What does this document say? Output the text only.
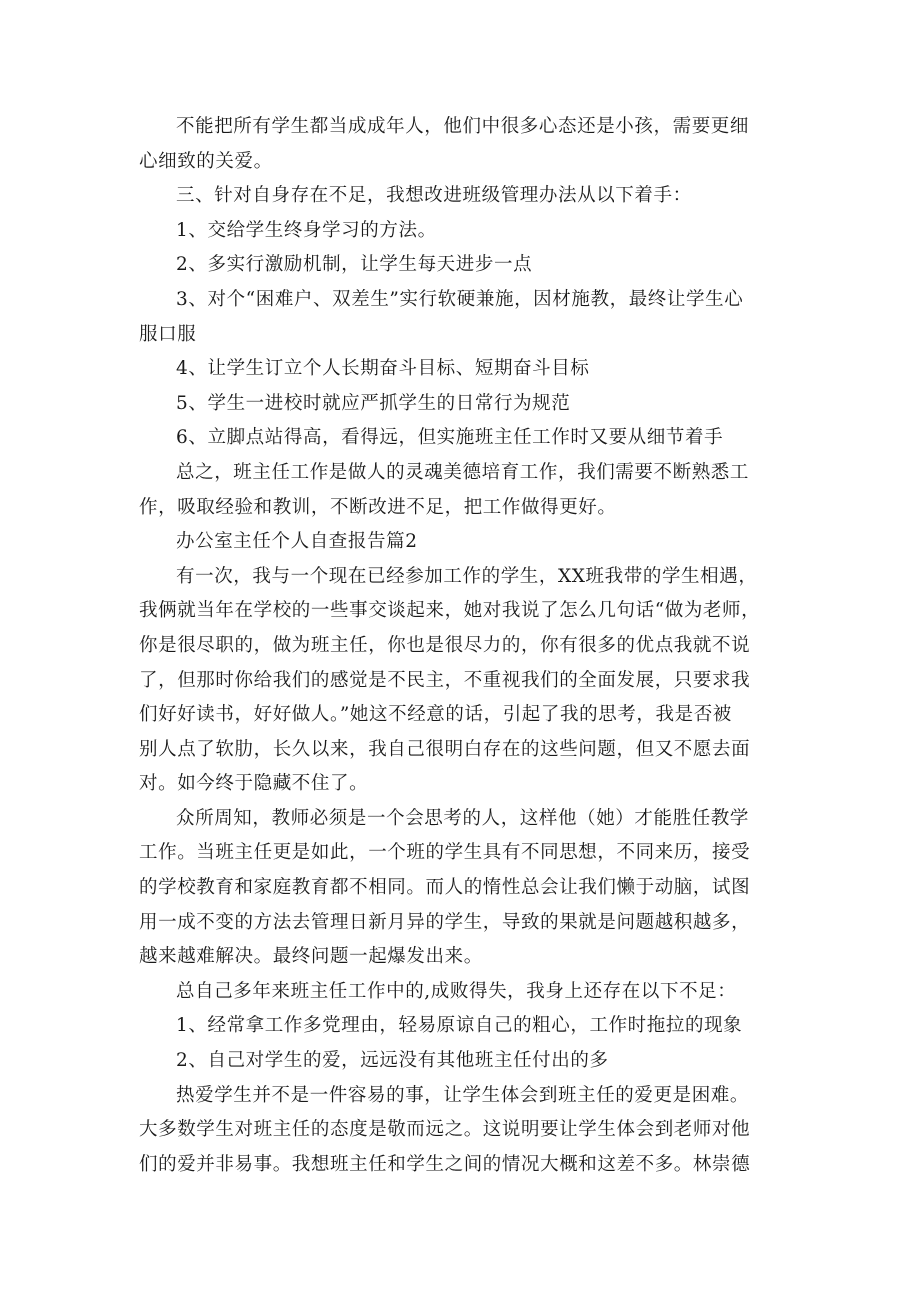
不能把所有学生都当成成年人，他们中很多心态还是小孩，需要更细
心细致的关爱。
三、针对自身存在不足，我想改进班级管理办法从以下着手：
1、交给学生终身学习的方法。
2、多实行激励机制，让学生每天进步一点
3、对个“困难户、双差生”实行软硬兼施，因材施教，最终让学生心
服口服
4、让学生订立个人长期奋斗目标、短期奋斗目标
5、学生一进校时就应严抓学生的日常行为规范
6、立脚点站得高，看得远，但实施班主任工作时又要从细节着手
总之，班主任工作是做人的灵魂美德培育工作，我们需要不断熟悉工
作，吸取经验和教训，不断改进不足，把工作做得更好。
办公室主任个人自查报告篇2
有一次，我与一个现在已经参加工作的学生，XX班我带的学生相遇，
我俩就当年在学校的一些事交谈起来，她对我说了怎么几句话“做为老师，
你是很尽职的，做为班主任，你也是很尽力的，你有很多的优点我就不说
了，但那时你给我们的感觉是不民主，不重视我们的全面发展，只要求我
们好好读书，好好做人。”她这不经意的话，引起了我的思考，我是否被
别人点了软肋，长久以来，我自己很明白存在的这些问题，但又不愿去面
对。如今终于隐藏不住了。
众所周知，教师必须是一个会思考的人，这样他（她）才能胜任教学
工作。当班主任更是如此，一个班的学生具有不同思想，不同来历，接受
的学校教育和家庭教育都不相同。而人的惰性总会让我们懒于动脑，试图
用一成不变的方法去管理日新月异的学生，导致的果就是问题越积越多，
越来越难解决。最终问题一起爆发出来。
总自己多年来班主任工作中的,成败得失，我身上还存在以下不足：
1、经常拿工作多党理由，轻易原谅自己的粗心，工作时拖拉的现象
2、自己对学生的爱，远远没有其他班主任付出的多
热爱学生并不是一件容易的事，让学生体会到班主任的爱更是困难。
大多数学生对班主任的态度是敬而远之。这说明要让学生体会到老师对他
们的爱并非易事。我想班主任和学生之间的情况大概和这差不多。林崇德
